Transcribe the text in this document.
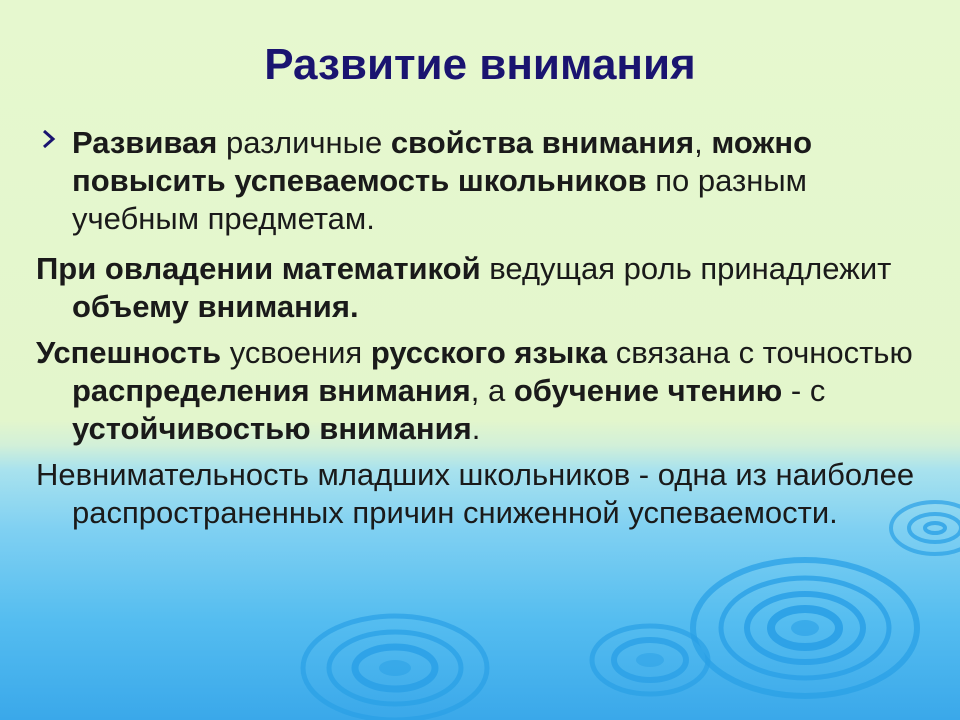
Развитие внимания

Развивая различные свойства внимания, можно повысить успеваемость школьников по разным учебным предметам.

При овладении математикой ведущая роль принадлежит объему внимания.

Успешность усвоения русского языка связана с точностью распределения внимания, а обучение чтению - с устойчивостью внимания.

Невнимательность младших школьников - одна из наиболее распространенных причин сниженной успеваемости.
